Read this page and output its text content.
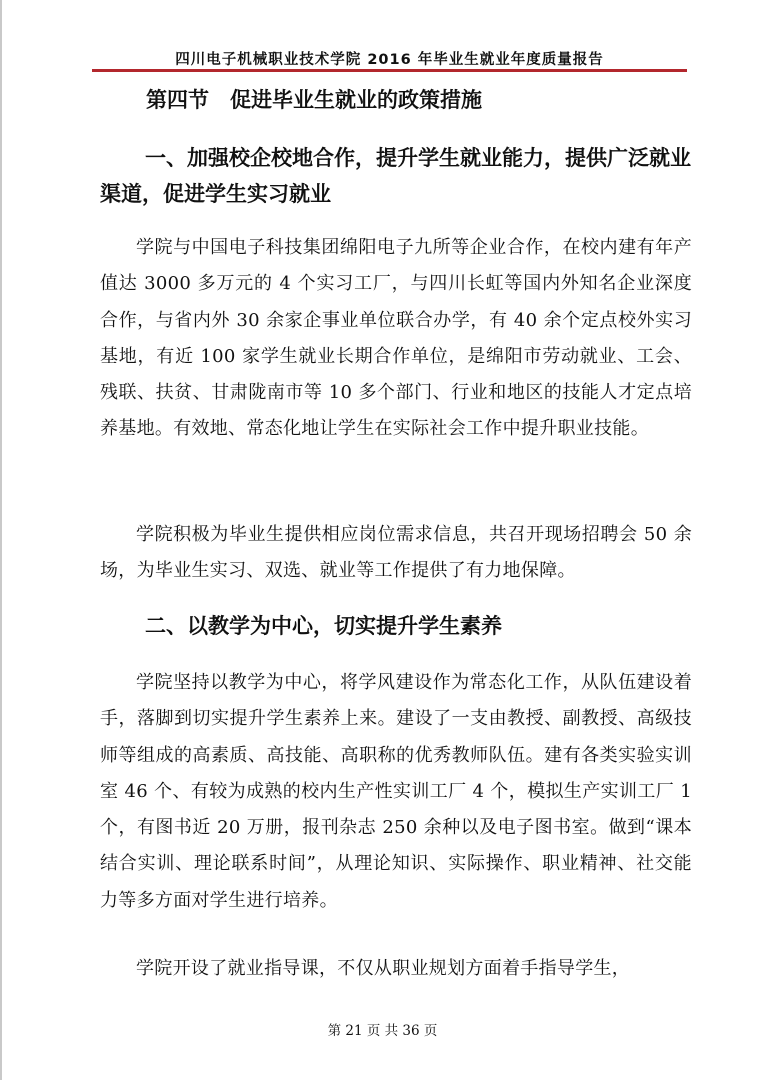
四川电子机械职业技术学院 2016 年毕业生就业年度质量报告
第四节　促进毕业生就业的政策措施
一、加强校企校地合作，提升学生就业能力，提供广泛就业渠道，促进学生实习就业
学院与中国电子科技集团绵阳电子九所等企业合作，在校内建有年产值达 3000 多万元的 4 个实习工厂，与四川长虹等国内外知名企业深度合作，与省内外 30 余家企事业单位联合办学，有 40 余个定点校外实习基地，有近 100 家学生就业长期合作单位，是绵阳市劳动就业、工会、残联、扶贫、甘肃陇南市等 10 多个部门、行业和地区的技能人才定点培养基地。有效地、常态化地让学生在实际社会工作中提升职业技能。
学院积极为毕业生提供相应岗位需求信息，共召开现场招聘会 50 余场，为毕业生实习、双选、就业等工作提供了有力地保障。
二、以教学为中心，切实提升学生素养
学院坚持以教学为中心，将学风建设作为常态化工作，从队伍建设着手，落脚到切实提升学生素养上来。建设了一支由教授、副教授、高级技师等组成的高素质、高技能、高职称的优秀教师队伍。建有各类实验实训室 46 个、有较为成熟的校内生产性实训工厂 4 个，模拟生产实训工厂 1 个，有图书近 20 万册，报刊杂志 250 余种以及电子图书室。做到“课本结合实训、理论联系时间”，从理论知识、实际操作、职业精神、社交能力等多方面对学生进行培养。
学院开设了就业指导课，不仅从职业规划方面着手指导学生，
第 21 页 共 36 页
